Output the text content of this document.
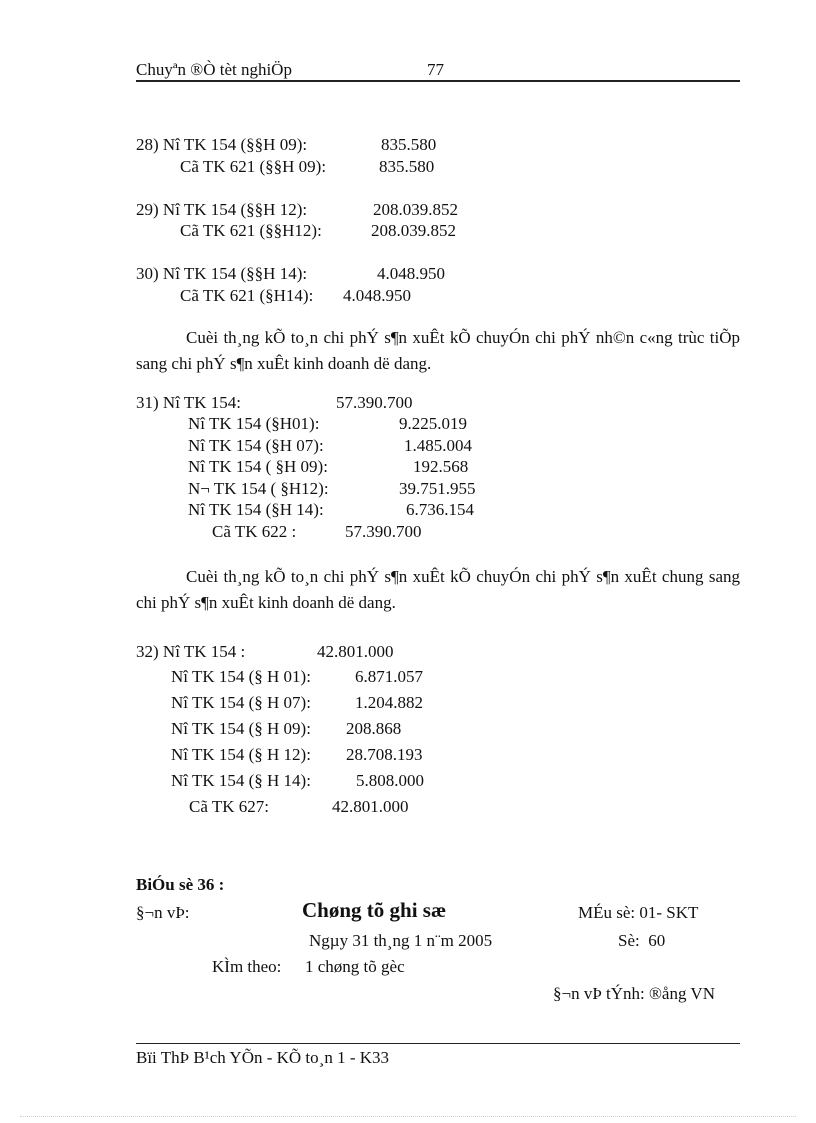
Chuyªn ®Ò tèt nghiÖp	77
28) Nî TK 154 (§§H 09):	835.580
Cã TK 621 (§§H 09):	835.580
29) Nî TK 154 (§§H 12):	208.039.852
Cã TK 621 (§§H12):	208.039.852
30) Nî TK 154 (§§H 14):	4.048.950
Cã TK 621 (§H14): 4.048.950
Cuèi th¸ng kÕ to¸n chi phÝ s¶n xuÊt kÕ chuyÓn chi phÝ nh©n c«ng trùc tiÕp sang chi phÝ s¶n xuÊt kinh doanh dë dang.
31) Nî TK 154:	57.390.700
Nî TK 154 (§H01):	9.225.019
Nî TK 154 (§H 07):	1.485.004
Nî TK 154 ( §H 09):	192.568
N¬ TK 154 ( §H12):	39.751.955
Nî TK 154 (§H 14):	6.736.154
Cã TK 622 :	57.390.700
Cuèi th¸ng kÕ to¸n chi phÝ s¶n xuÊt kÕ chuyÓn chi phÝ s¶n xuÊt chung sang chi phÝ s¶n xuÊt kinh doanh dë dang.
32) Nî TK 154 :	42.801.000
Nî TK 154 (§ H 01):	6.871.057
Nî TK 154 (§ H 07):	1.204.882
Nî TK 154 (§ H 09): 208.868
Nî TK 154 (§ H 12): 28.708.193
Nî TK 154 (§ H 14):	5.808.000
Cã TK 627:	42.801.000
BiÓu sè 36 :
§¬n vÞ:	Chøng tõ ghi sæ	MÉu sè: 01- SKT
Ngµy 31 th¸ng 1 n¨m 2005	Sè:  60
KÌm theo: 1 chøng tõ gèc
§¬n vÞ tÝnh: ®ång VN
Bïi ThÞ B¹ch YÕn - KÕ to¸n 1 - K33
